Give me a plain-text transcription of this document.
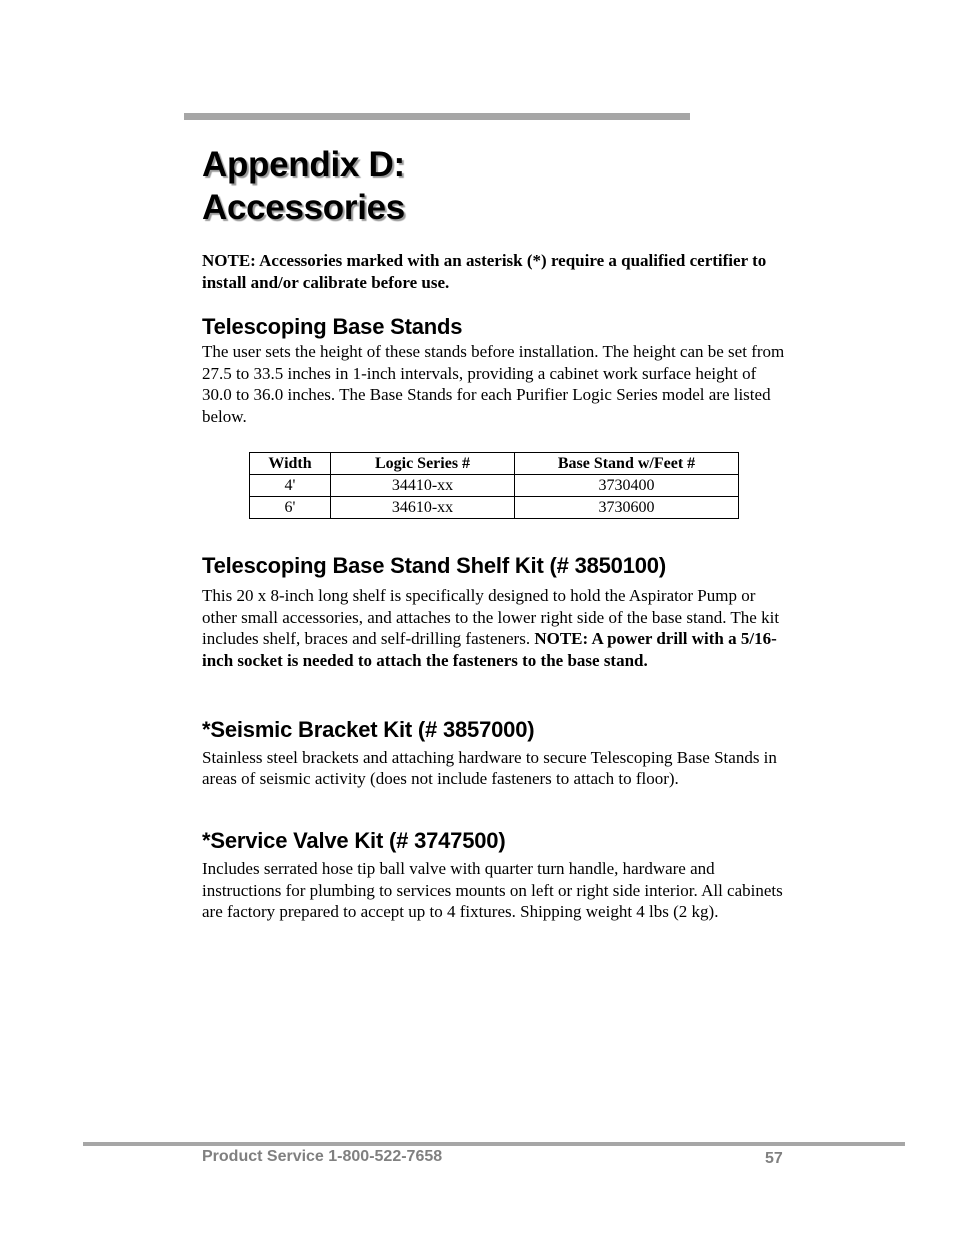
Appendix D:
Accessories

NOTE: Accessories marked with an asterisk (*) require a qualified certifier to install and/or calibrate before use.

Telescoping Base Stands

The user sets the height of these stands before installation. The height can be set from 27.5 to 33.5 inches in 1-inch intervals, providing a cabinet work surface height of 30.0 to 36.0 inches. The Base Stands for each Purifier Logic Series model are listed below.

Telescoping Base Stand Shelf Kit (# 3850100)

This 20 x 8-inch long shelf is specifically designed to hold the Aspirator Pump or other small accessories, and attaches to the lower right side of the base stand. The kit includes shelf, braces and self-drilling fasteners. NOTE: A power drill with a 5/16-inch socket is needed to attach the fasteners to the base stand.

*Seismic Bracket Kit (# 3857000)

Stainless steel brackets and attaching hardware to secure Telescoping Base Stands in areas of seismic activity (does not include fasteners to attach to floor).

*Service Valve Kit (# 3747500)

Includes serrated hose tip ball valve with quarter turn handle, hardware and instructions for plumbing to services mounts on left or right side interior. All cabinets are factory prepared to accept up to 4 fixtures. Shipping weight 4 lbs (2 kg).

Width	Logic Series #	Base Stand w/Feet #
4'	34410-xx	3730400
6'	34610-xx	3730600
Product Service 1-800-522-7658	57
